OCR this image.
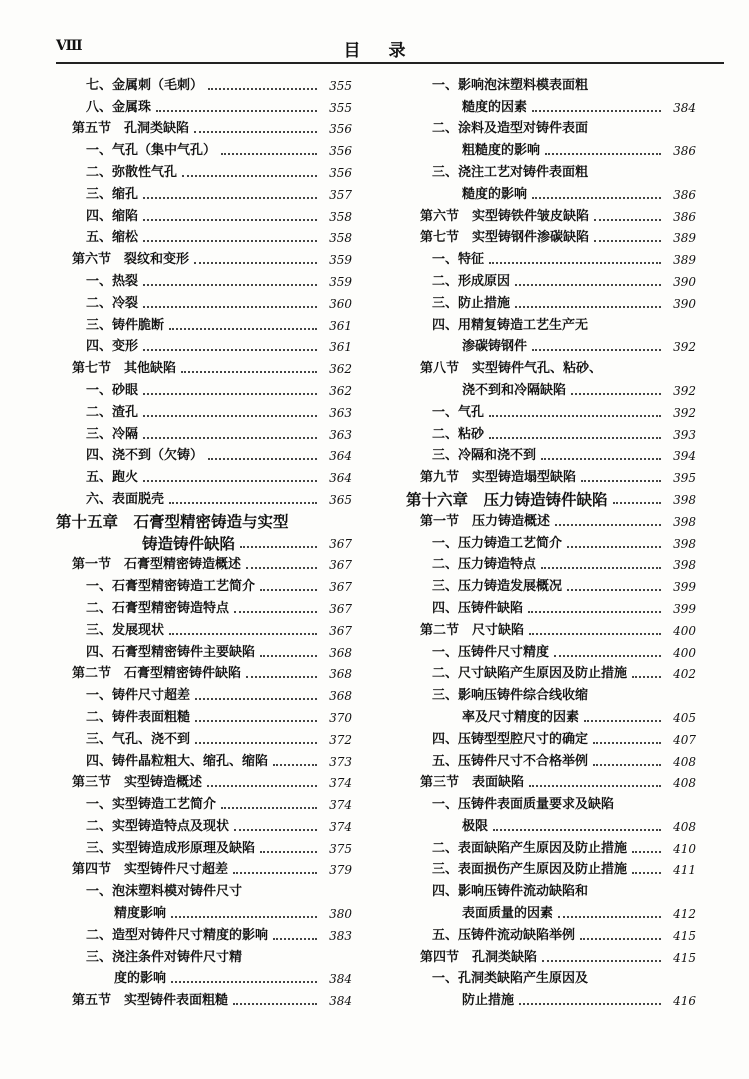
Ⅷ	目 录
七、金属刺（毛刺）	355
八、金属珠	355
第五节　孔洞类缺陷	356
一、气孔（集中气孔）	356
二、弥散性气孔	356
三、缩孔	357
四、缩陷	358
五、缩松	358
第六节　裂纹和变形	359
一、热裂	359
二、冷裂	360
三、铸件脆断	361
四、变形	361
第七节　其他缺陷	362
一、砂眼	362
二、渣孔	363
三、冷隔	363
四、浇不到（欠铸）	364
五、跑火	364
六、表面脱壳	365
第十五章　石膏型精密铸造与实型
铸造铸件缺陷	367
第一节　石膏型精密铸造概述	367
一、石膏型精密铸造工艺简介	367
二、石膏型精密铸造特点	367
三、发展现状	367
四、石膏型精密铸件主要缺陷	368
第二节　石膏型精密铸件缺陷	368
一、铸件尺寸超差	368
二、铸件表面粗糙	370
三、气孔、浇不到	372
四、铸件晶粒粗大、缩孔、缩陷	373
第三节　实型铸造概述	374
一、实型铸造工艺简介	374
二、实型铸造特点及现状	374
三、实型铸造成形原理及缺陷	375
第四节　实型铸件尺寸超差	379
一、泡沫塑料模对铸件尺寸
精度影响	380
二、造型对铸件尺寸精度的影响	383
三、浇注条件对铸件尺寸精
度的影响	384
第五节　实型铸件表面粗糙	384
一、影响泡沫塑料模表面粗
糙度的因素	384
二、涂料及造型对铸件表面
粗糙度的影响	386
三、浇注工艺对铸件表面粗
糙度的影响	386
第六节　实型铸铁件皱皮缺陷	386
第七节　实型铸钢件渗碳缺陷	389
一、特征	389
二、形成原因	390
三、防止措施	390
四、用精复铸造工艺生产无
渗碳铸钢件	392
第八节　实型铸件气孔、粘砂、
浇不到和冷隔缺陷	392
一、气孔	392
二、粘砂	393
三、冷隔和浇不到	394
第九节　实型铸造塌型缺陷	395
第十六章　压力铸造铸件缺陷	398
第一节　压力铸造概述	398
一、压力铸造工艺简介	398
二、压力铸造特点	398
三、压力铸造发展概况	399
四、压铸件缺陷	399
第二节　尺寸缺陷	400
一、压铸件尺寸精度	400
二、尺寸缺陷产生原因及防止措施	402
三、影响压铸件综合线收缩
率及尺寸精度的因素	405
四、压铸型型腔尺寸的确定	407
五、压铸件尺寸不合格举例	408
第三节　表面缺陷	408
一、压铸件表面质量要求及缺陷
极限	408
二、表面缺陷产生原因及防止措施	410
三、表面损伤产生原因及防止措施	411
四、影响压铸件流动缺陷和
表面质量的因素	412
五、压铸件流动缺陷举例	415
第四节　孔洞类缺陷	415
一、孔洞类缺陷产生原因及
防止措施	416
